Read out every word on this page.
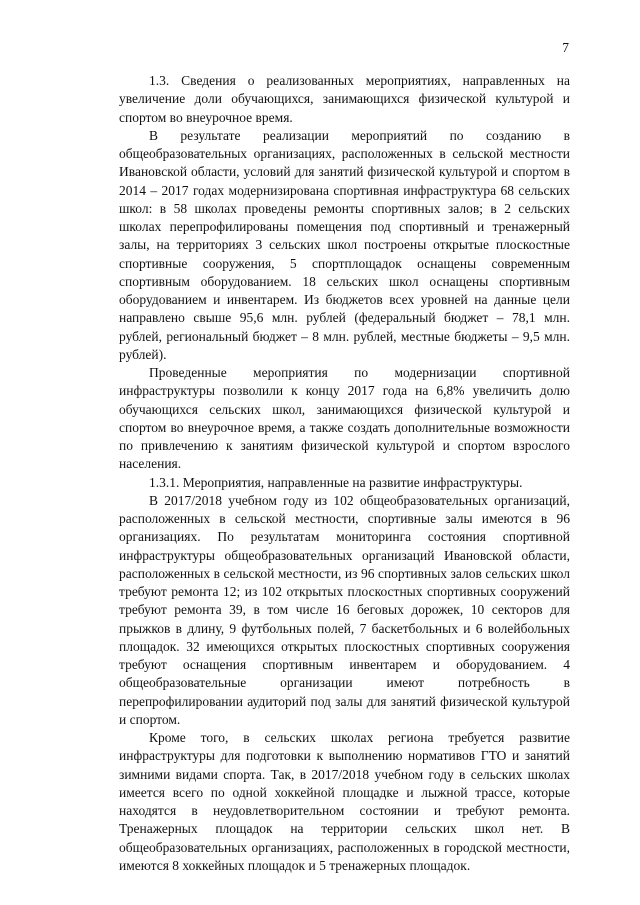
7

1.3. Сведения о реализованных мероприятиях, направленных на увеличение доли обучающихся, занимающихся физической культурой и спортом во внеурочное время.

В результате реализации мероприятий по созданию в общеобразовательных организациях, расположенных в сельской местности Ивановской области, условий для занятий физической культурой и спортом в 2014 – 2017 годах модернизирована спортивная инфраструктура 68 сельских школ: в 58 школах проведены ремонты спортивных залов; в 2 сельских школах перепрофилированы помещения под спортивный и тренажерный залы, на территориях 3 сельских школ построены открытые плоскостные спортивные сооружения, 5 спортплощадок оснащены современным спортивным оборудованием. 18 сельских школ оснащены спортивным оборудованием и инвентарем. Из бюджетов всех уровней на данные цели направлено свыше 95,6 млн. рублей (федеральный бюджет – 78,1 млн. рублей, региональный бюджет – 8 млн. рублей, местные бюджеты – 9,5 млн. рублей).

Проведенные мероприятия по модернизации спортивной инфраструктуры позволили к концу 2017 года на 6,8% увеличить долю обучающихся сельских школ, занимающихся физической культурой и спортом во внеурочное время, а также создать дополнительные возможности по привлечению к занятиям физической культурой и спортом взрослого населения.

1.3.1. Мероприятия, направленные на развитие инфраструктуры.

В 2017/2018 учебном году из 102 общеобразовательных организаций, расположенных в сельской местности, спортивные залы имеются в 96 организациях. По результатам мониторинга состояния спортивной инфраструктуры общеобразовательных организаций Ивановской области, расположенных в сельской местности, из 96 спортивных залов сельских школ требуют ремонта 12; из 102 открытых плоскостных спортивных сооружений требуют ремонта 39, в том числе 16 беговых дорожек, 10 секторов для прыжков в длину, 9 футбольных полей, 7 баскетбольных и 6 волейбольных площадок. 32 имеющихся открытых плоскостных спортивных сооружения требуют оснащения спортивным инвентарем и оборудованием. 4 общеобразовательные организации имеют потребность в перепрофилировании аудиторий под залы для занятий физической культурой и спортом.

Кроме того, в сельских школах региона требуется развитие инфраструктуры для подготовки к выполнению нормативов ГТО и занятий зимними видами спорта. Так, в 2017/2018 учебном году в сельских школах имеется всего по одной хоккейной площадке и лыжной трассе, которые находятся в неудовлетворительном состоянии и требуют ремонта. Тренажерных площадок на территории сельских школ нет. В общеобразовательных организациях, расположенных в городской местности, имеются 8 хоккейных площадок и 5 тренажерных площадок.
